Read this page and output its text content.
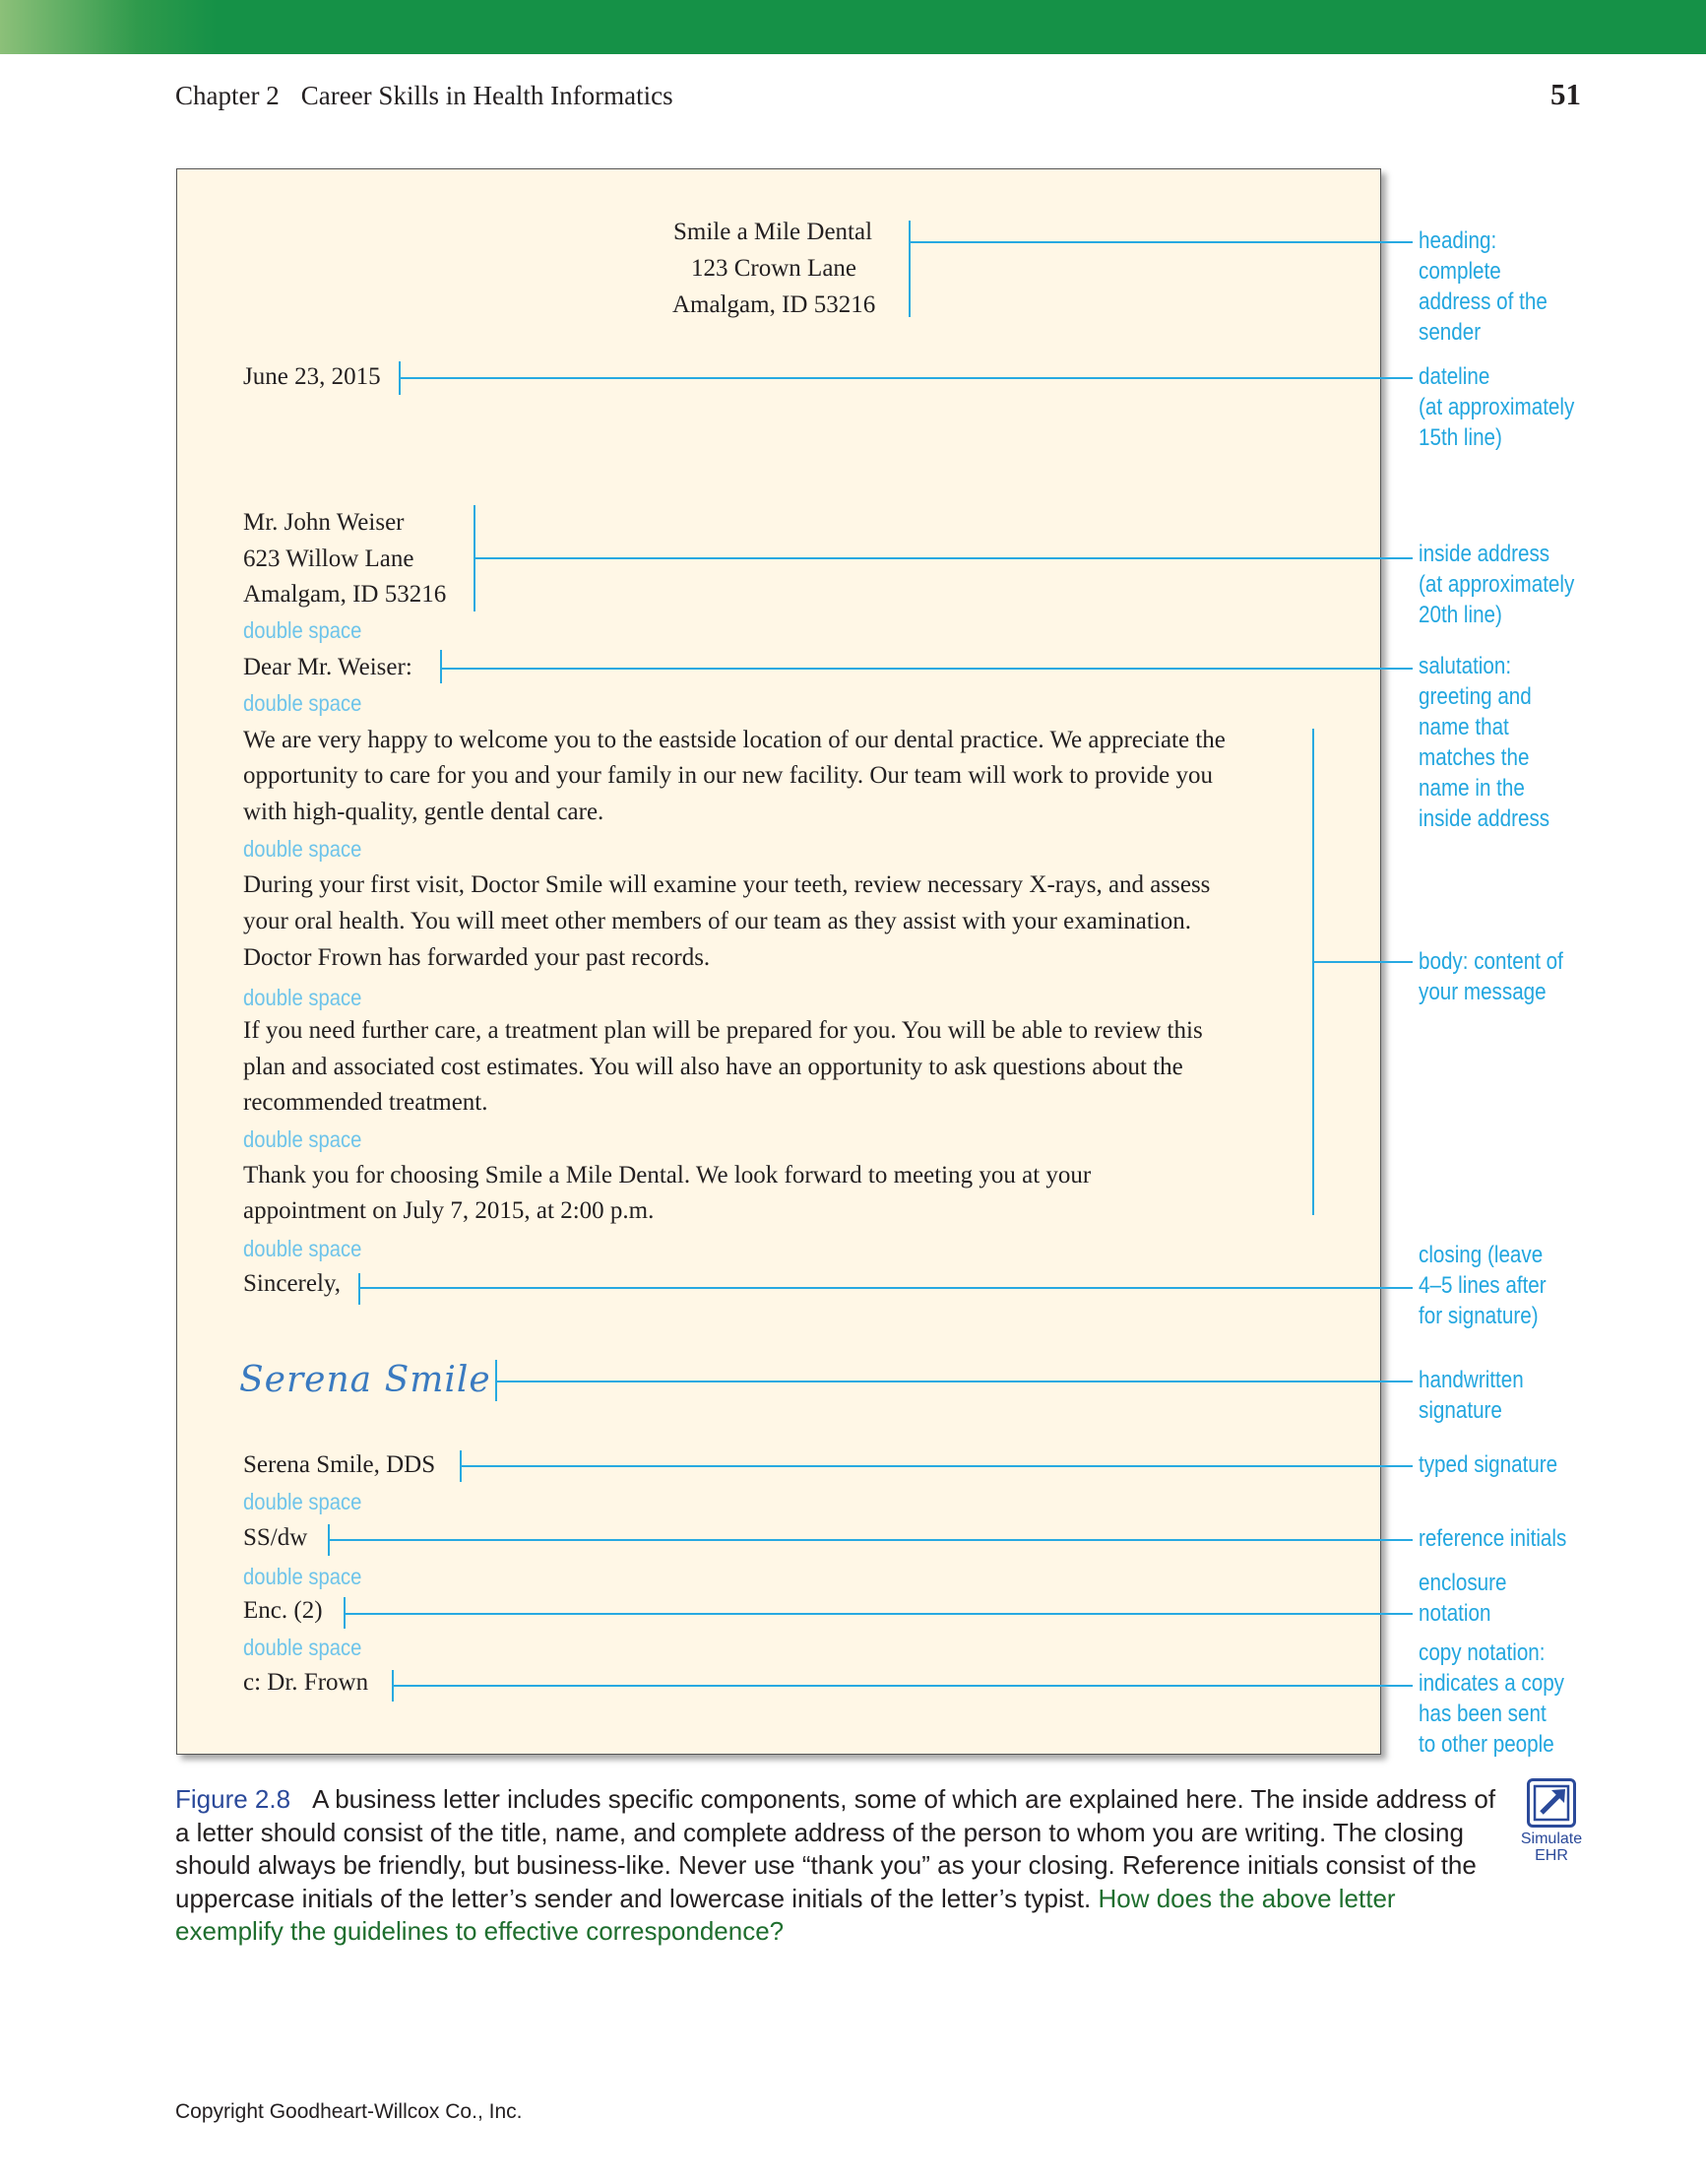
Chapter 2 Career Skills in Health Informatics	51
Smile a Mile Dental
123 Crown Lane
Amalgam, ID 53216
June 23, 2015
Mr. John Weiser
623 Willow Lane
Amalgam, ID 53216
double space
Dear Mr. Weiser:
double space
We are very happy to welcome you to the eastside location of our dental practice. We appreciate the
opportunity to care for you and your family in our new facility. Our team will work to provide you
with high-quality, gentle dental care.
double space
During your first visit, Doctor Smile will examine your teeth, review necessary X-rays, and assess
your oral health. You will meet other members of our team as they assist with your examination.
Doctor Frown has forwarded your past records.
double space
If you need further care, a treatment plan will be prepared for you. You will be able to review this
plan and associated cost estimates. You will also have an opportunity to ask questions about the
recommended treatment.
double space
Thank you for choosing Smile a Mile Dental. We look forward to meeting you at your
appointment on July 7, 2015, at 2:00 p.m.
double space
Sincerely,
Serena Smile
Serena Smile, DDS
double space
SS/dw
double space
Enc. (2)
double space
c: Dr. Frown
heading:
complete
address of the
sender
dateline
(at approximately
15th line)
inside address
(at approximately
20th line)
salutation:
greeting and
name that
matches the
name in the
inside address
body: content of
your message
closing (leave
4–5 lines after
for signature)
handwritten
signature
typed signature
reference initials
enclosure
notation
copy notation:
indicates a copy
has been sent
to other people
Figure 2.8 A business letter includes specific components, some of which are explained here. The inside address of a letter should consist of the title, name, and complete address of the person to whom you are writing. The closing should always be friendly, but business-like. Never use “thank you” as your closing. Reference initials consist of the uppercase initials of the letter’s sender and lowercase initials of the letter’s typist. How does the above letter exemplify the guidelines to effective correspondence?
Simulate
EHR
Copyright Goodheart-Willcox Co., Inc.
